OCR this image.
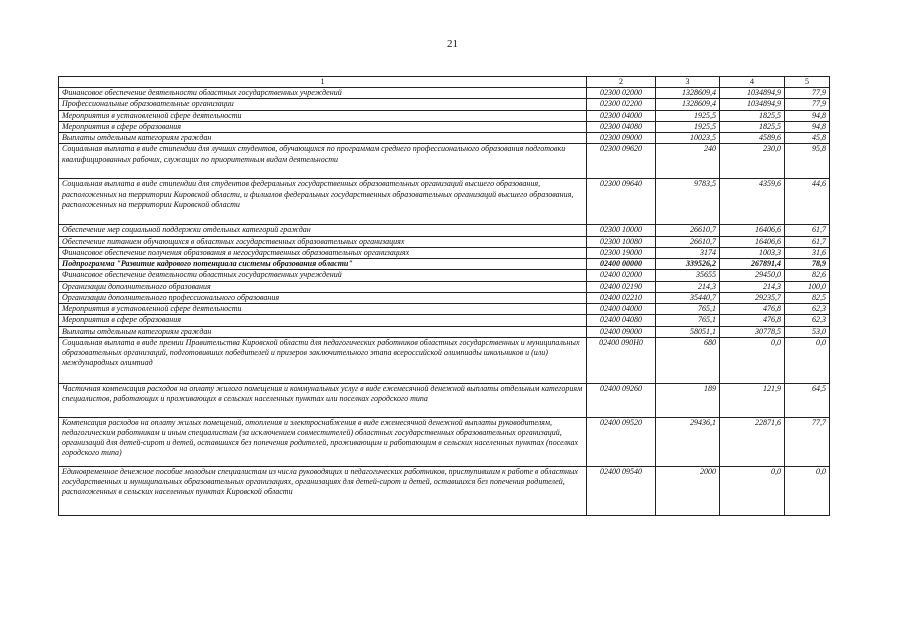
21
1	2	3	4	5
Финансовое обеспечение деятельности областных государственных учреждений	02300 02000	1328609,4	1034894,9	77,9
Профессиональные образовательные организации	02300 02200	1328609,4	1034894,9	77,9
Мероприятия в установленной сфере деятельности	02300 04000	1925,5	1825,5	94,8
Мероприятия в сфере образования	02300 04080	1925,5	1825,5	94,8
Выплаты отдельным категориям граждан	02300 09000	10023,5	4589,6	45,8
Социальная выплата в виде стипендии для лучших студентов, обучающихся по программам среднего профессионального образования подготовки квалифицированных рабочих, служащих по приоритетным видам деятельности	02300 09620	240	230,0	95,8
Социальная выплата в виде стипендии для студентов федеральных государственных образовательных организаций высшего образования, расположенных на территории Кировской области, и филиалов федеральных государственных образовательных организаций высшего образования, расположенных на территории Кировской области	02300 09640	9783,5	4359,6	44,6
Обеспечение мер социальной поддержки отдельных категорий граждан	02300 10000	26610,7	16406,6	61,7
Обеспечение питанием обучающихся в областных государственных образовательных организациях	02300 10080	26610,7	16406,6	61,7
Финансовое обеспечение получения образования в негосударственных образовательных организациях	02300 19000	3174	1003,3	31,6
Подпрограмма "Развитие кадрового потенциала системы образования области"	02400 00000	339526,2	267891,4	78,9
Финансовое обеспечение деятельности областных государственных учреждений	02400 02000	35655	29450,0	82,6
Организации дополнительного образования	02400 02190	214,3	214,3	100,0
Организации дополнительного профессионального образования	02400 02210	35440,7	29235,7	82,5
Мероприятия в установленной сфере деятельности	02400 04000	765,1	476,8	62,3
Мероприятия в сфере образования	02400 04080	765,1	476,8	62,3
Выплаты отдельным категориям граждан	02400 09000	58051,1	30778,5	53,0
Социальная выплата в виде премии Правительства Кировской области для педагогических работников областных государственных и муниципальных образовательных организаций, подготовивших победителей и призеров заключительного этапа всероссийской олимпиады школьников и (или) международных олимпиад	02400 090Н0	680	0,0	0,0
Частичная компенсация расходов на оплату жилого помещения и коммунальных услуг в виде ежемесячной денежной выплаты отдельным категориям специалистов, работающих и проживающих в сельских населенных пунктах или поселках городского типа	02400 09260	189	121,9	64,5
Компенсация расходов на оплату жилых помещений, отопления и электроснабжения в виде ежемесячной денежной выплаты руководителям, педагогическим работникам и иным специалистам (за исключением совместителей) областных государственных образовательных организаций, организаций для детей-сирот и детей, оставшихся без попечения родителей, проживающим и работающим в сельских населенных пунктах (поселках городского типа)	02400 09520	29436,1	22871,6	77,7
Единовременное денежное пособие молодым специалистам из числа руководящих и педагогических работников, приступившим к работе в областных государственных и муниципальных образовательных организациях, организациях для детей-сирот и детей, оставшихся без попечения родителей, расположенных в сельских населенных пунктах Кировской области	02400 09540	2000	0,0	0,0
